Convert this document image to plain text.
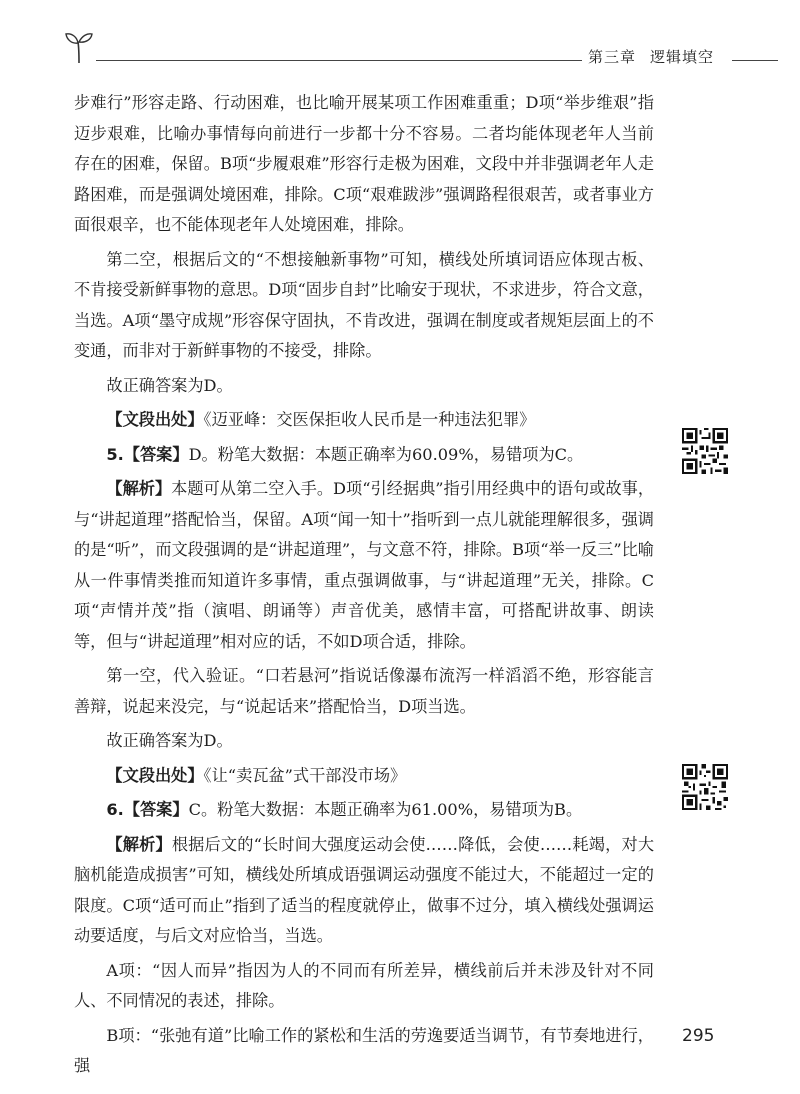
第三章 逻辑填空

步难行”形容走路、行动困难，也比喻开展某项工作困难重重；D项“举步维艰”指迈步艰难，比喻办事情每向前进行一步都十分不容易。二者均能体现老年人当前存在的困难，保留。B项“步履艰难”形容行走极为困难，文段中并非强调老年人走路困难，而是强调处境困难，排除。C项“艰难跋涉”强调路程很艰苦，或者事业方面很艰辛，也不能体现老年人处境困难，排除。

第二空，根据后文的“不想接触新事物”可知，横线处所填词语应体现古板、不肯接受新鲜事物的意思。D项“固步自封”比喻安于现状，不求进步，符合文意，当选。A项“墨守成规”形容保守固执，不肯改进，强调在制度或者规矩层面上的不变通，而非对于新鲜事物的不接受，排除。

故正确答案为D。

【文段出处】《迈亚峰：交医保拒收人民币是一种违法犯罪》

5.【答案】D。粉笔大数据：本题正确率为60.09%，易错项为C。

【解析】本题可从第二空入手。D项“引经据典”指引用经典中的语句或故事，与“讲起道理”搭配恰当，保留。A项“闻一知十”指听到一点儿就能理解很多，强调的是“听”，而文段强调的是“讲起道理”，与文意不符，排除。B项“举一反三”比喻从一件事情类推而知道许多事情，重点强调做事，与“讲起道理”无关，排除。C项“声情并茂”指（演唱、朗诵等）声音优美，感情丰富，可搭配讲故事、朗读等，但与“讲起道理”相对应的话，不如D项合适，排除。

第一空，代入验证。“口若悬河”指说话像瀑布流泻一样滔滔不绝，形容能言善辩，说起来没完，与“说起话来”搭配恰当，D项当选。

故正确答案为D。

【文段出处】《让“卖瓦盆”式干部没市场》

6.【答案】C。粉笔大数据：本题正确率为61.00%，易错项为B。

【解析】根据后文的“长时间大强度运动会使……降低，会使……耗竭，对大脑机能造成损害”可知，横线处所填成语强调运动强度不能过大，不能超过一定的限度。C项“适可而止”指到了适当的程度就停止，做事不过分，填入横线处强调运动要适度，与后文对应恰当，当选。

A项：“因人而异”指因为人的不同而有所差异，横线前后并未涉及针对不同人、不同情况的表述，排除。

B项：“张弛有道”比喻工作的紧松和生活的劳逸要适当调节，有节奏地进行，强

295
